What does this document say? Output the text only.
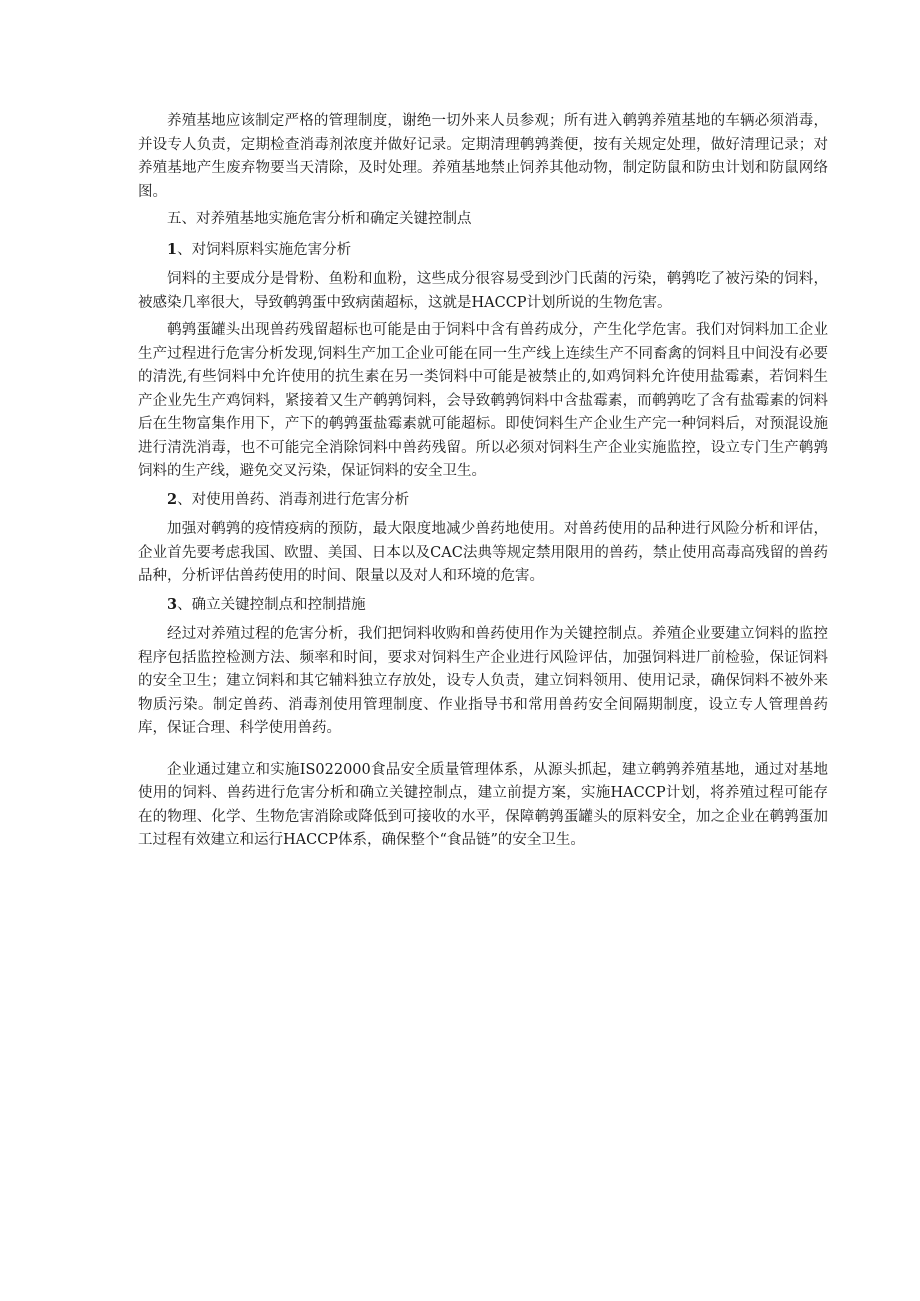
养殖基地应该制定严格的管理制度，谢绝一切外来人员参观；所有进入鹌鹑养殖基地的车辆必须消毒，并设专人负责，定期检查消毒剂浓度并做好记录。定期清理鹌鹑粪便，按有关规定处理，做好清理记录；对养殖基地产生废弃物要当天清除，及时处理。养殖基地禁止饲养其他动物，制定防鼠和防虫计划和防鼠网络图。

五、对养殖基地实施危害分析和确定关键控制点

1、对饲料原料实施危害分析

饲料的主要成分是骨粉、鱼粉和血粉，这些成分很容易受到沙门氏菌的污染，鹌鹑吃了被污染的饲料，被感染几率很大，导致鹌鹑蛋中致病菌超标，这就是HACCP计划所说的生物危害。

鹌鹑蛋罐头出现兽药残留超标也可能是由于饲料中含有兽药成分，产生化学危害。我们对饲料加工企业生产过程进行危害分析发现,饲料生产加工企业可能在同一生产线上连续生产不同畜禽的饲料且中间没有必要的清洗,有些饲料中允许使用的抗生素在另一类饲料中可能是被禁止的,如鸡饲料允许使用盐霉素，若饲料生产企业先生产鸡饲料，紧接着又生产鹌鹑饲料，会导致鹌鹑饲料中含盐霉素，而鹌鹑吃了含有盐霉素的饲料后在生物富集作用下，产下的鹌鹑蛋盐霉素就可能超标。即使饲料生产企业生产完一种饲料后，对预混设施进行清洗消毒，也不可能完全消除饲料中兽药残留。所以必须对饲料生产企业实施监控，设立专门生产鹌鹑饲料的生产线，避免交叉污染，保证饲料的安全卫生。

2、对使用兽药、消毒剂进行危害分析

加强对鹌鹑的疫情疫病的预防，最大限度地减少兽药地使用。对兽药使用的品种进行风险分析和评估，企业首先要考虑我国、欧盟、美国、日本以及CAC法典等规定禁用限用的兽药，禁止使用高毒高残留的兽药品种，分析评估兽药使用的时间、限量以及对人和环境的危害。

3、确立关键控制点和控制措施

经过对养殖过程的危害分析，我们把饲料收购和兽药使用作为关键控制点。养殖企业要建立饲料的监控程序包括监控检测方法、频率和时间，要求对饲料生产企业进行风险评估，加强饲料进厂前检验，保证饲料的安全卫生；建立饲料和其它辅料独立存放处，设专人负责，建立饲料领用、使用记录，确保饲料不被外来物质污染。制定兽药、消毒剂使用管理制度、作业指导书和常用兽药安全间隔期制度，设立专人管理兽药库，保证合理、科学使用兽药。

企业通过建立和实施IS022000食品安全质量管理体系，从源头抓起，建立鹌鹑养殖基地，通过对基地使用的饲料、兽药进行危害分析和确立关键控制点，建立前提方案，实施HACCP计划，将养殖过程可能存在的物理、化学、生物危害消除或降低到可接收的水平，保障鹌鹑蛋罐头的原料安全，加之企业在鹌鹑蛋加工过程有效建立和运行HACCP体系，确保整个“食品链”的安全卫生。
